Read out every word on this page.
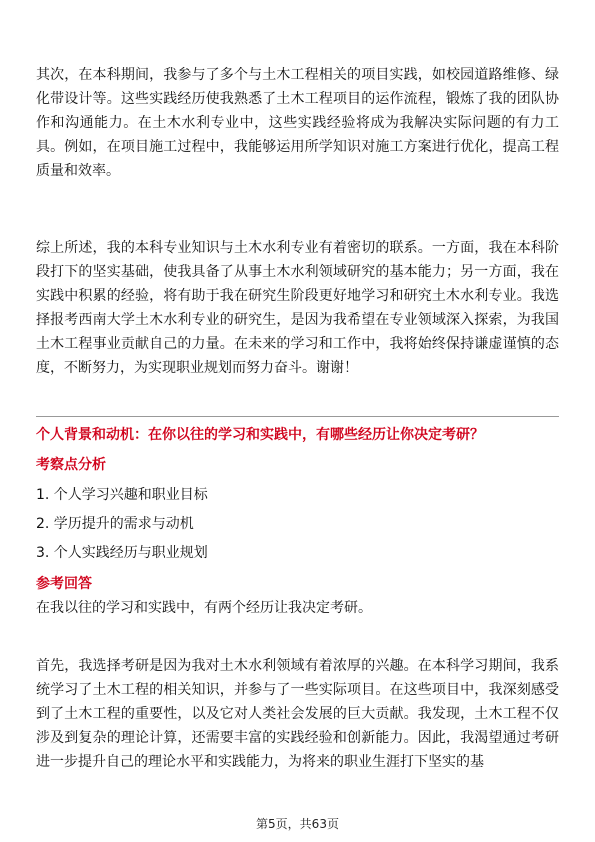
其次，在本科期间，我参与了多个与土木工程相关的项目实践，如校园道路维修、绿化带设计等。这些实践经历使我熟悉了土木工程项目的运作流程，锻炼了我的团队协作和沟通能力。在土木水利专业中，这些实践经验将成为我解决实际问题的有力工具。例如，在项目施工过程中，我能够运用所学知识对施工方案进行优化，提高工程质量和效率。

综上所述，我的本科专业知识与土木水利专业有着密切的联系。一方面，我在本科阶段打下的坚实基础，使我具备了从事土木水利领域研究的基本能力；另一方面，我在实践中积累的经验，将有助于我在研究生阶段更好地学习和研究土木水利专业。我选择报考西南大学土木水利专业的研究生，是因为我希望在专业领域深入探索，为我国土木工程事业贡献自己的力量。在未来的学习和工作中，我将始终保持谦虚谨慎的态度，不断努力，为实现职业规划而努力奋斗。谢谢！

个人背景和动机：在你以往的学习和实践中，有哪些经历让你决定考研？

考察点分析

1. 个人学习兴趣和职业目标
2. 学历提升的需求与动机
3. 个人实践经历与职业规划

参考回答

在我以往的学习和实践中，有两个经历让我决定考研。

首先，我选择考研是因为我对土木水利领域有着浓厚的兴趣。在本科学习期间，我系统学习了土木工程的相关知识，并参与了一些实际项目。在这些项目中，我深刻感受到了土木工程的重要性，以及它对人类社会发展的巨大贡献。我发现，土木工程不仅涉及到复杂的理论计算，还需要丰富的实践经验和创新能力。因此，我渴望通过考研进一步提升自己的理论水平和实践能力，为将来的职业生涯打下坚实的基

第5页，共63页
